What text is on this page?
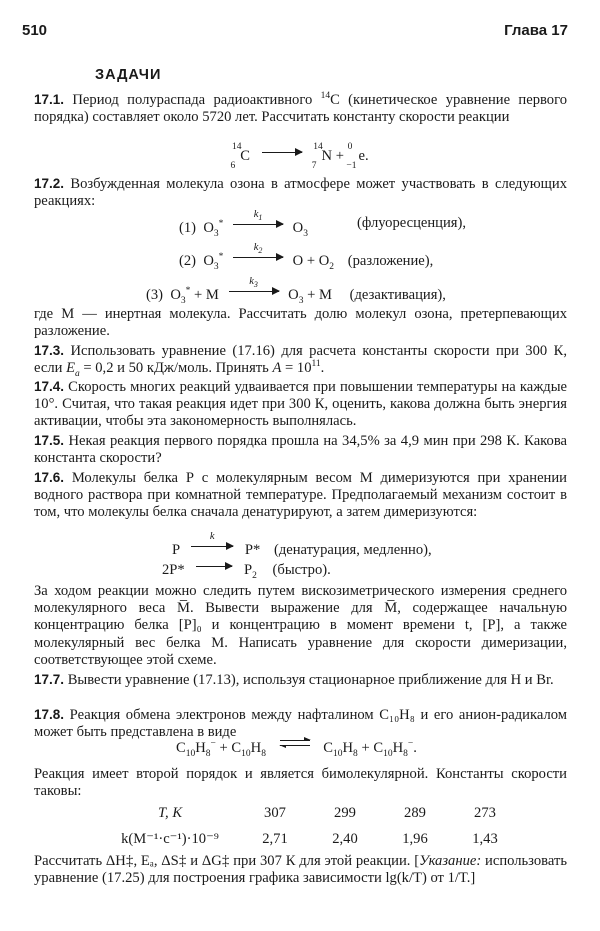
510	Глава 17
ЗАДАЧИ
17.1. Период полураспада радиоактивного $^{14}$С (кинетическое уравнение первого порядка) составляет около 5720 лет. Рассчитать константу скорости реакции
$^{14}_6$C
$^{14}_7$N + $^0_{-1}$e.
17.2. Возбужденная молекула озона в атмосфере может участвовать в следующих реакциях:
(1)  $O_3^*$
$k_1$
$O_3$
(флуоресценция),
(2)  $O_3^*$
$k_2$
$O + O_2$ (разложение),
(3)  $O_3^* + M$
$k_3$
$O_3 + M$ (дезактивация),
где М — инертная молекула. Рассчитать долю молекул озона, претерпевающих разложение.
17.3. Использовать уравнение (17.16) для расчета константы скорости при 300 К, если $E_a = 0,2$ и 50 кДж/моль. Принять $A = 10^{11}$.
17.4. Скорость многих реакций удваивается при повышении температуры на каждые 10°. Считая, что такая реакция идет при 300 К, оценить, какова должна быть энергия активации, чтобы эта закономерность выполнялась.
17.5. Некая реакция первого порядка прошла на 34,5% за 4,9 мин при 298 К. Какова константа скорости?
17.6. Молекулы белка Р с молекулярным весом М димеризуются при хранении водного раствора при комнатной температуре. Предполагаемый механизм состоит в том, что молекулы белка сначала денатурируют, а затем димеризуются:
P
k
P* (денатурация, медленно),
2P*	$P_2$ (быстро).
За ходом реакции можно следить путем вискозиметрического измерения среднего молекулярного веса M̅. Вывести выражение для M̅, содержащее начальную концентрацию белка [P]₀ и концентрацию в момент времени t, [P], а также молекулярный вес белка М. Написать уравнение для скорости димеризации, соответствующее этой схеме.
17.7. Вывести уравнение (17.13), используя стационарное приближение для Н и Br.
17.8. Реакция обмена электронов между нафталином C₁₀H₈ и его анион-радикалом может быть представлена в виде
$C_{10}H_8^- + C_{10}H_8$	$C_{10}H_8 + C_{10}H_8^-$.
Реакция имеет второй порядок и является бимолекулярной. Константы скорости таковы:
T, К	307	299	289	273
k(M⁻¹·c⁻¹)·10⁻⁹	2,71	2,40	1,96	1,43
Рассчитать ΔH‡, Eₐ, ΔS‡ и ΔG‡ при 307 К для этой реакции. [Указание: использовать уравнение (17.25) для построения графика зависимости lg(k/T) от 1/T.]
